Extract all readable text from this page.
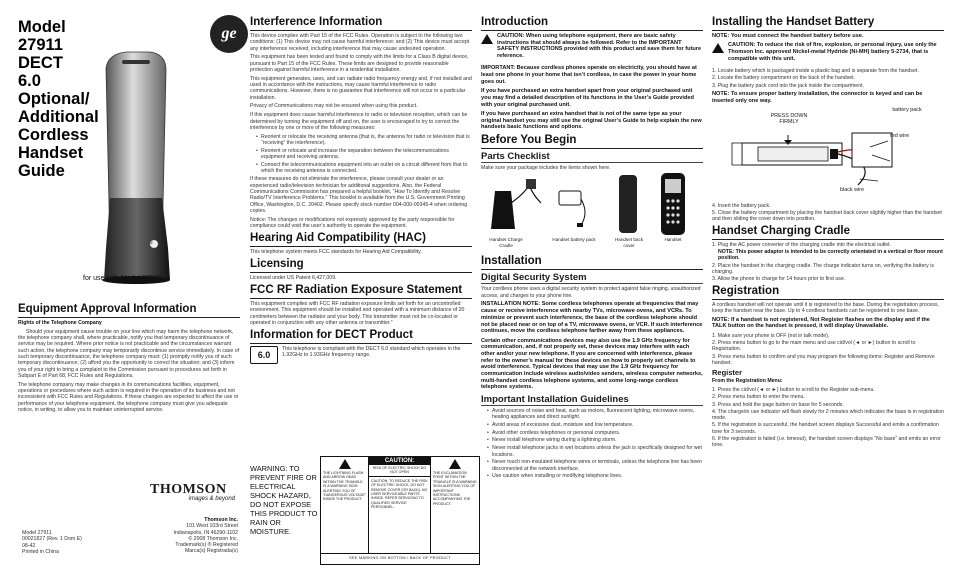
Model 27911 DECT 6.0 Optional/ Additional Cordless Handset Guide
ge
GE
for use with Model 27909
Equipment Approval Information
Rights of the Telephone Company
Should your equipment cause trouble on your line which may harm the telephone network, the telephone company shall, where practicable, notify you that temporary discontinuance of service may be required. Where prior notice is not practicable and the circumstances warrant such action, the telephone company may temporarily discontinue service immediately. In case of such temporary discontinuance, the telephone company must: (1) promptly notify you of such temporary discontinuance; (2) afford you the opportunity to correct the situation; and (3) inform you of your right to bring a complaint to the Commission pursuant to procedures set forth in Subpart E of Part 68, FCC Rules and Regulations.
The telephone company may make changes in its communications facilities, equipment, operations or procedures where such action is required in the operation of its business and not inconsistent with FCC Rules and Regulations. If these changes are expected to affect the use or performance of your telephone equipment, the telephone company must give you adequate notice, in writing, to allow you to maintain uninterrupted service.
Model 27911
00021827 (Rev. 1 Dom E)
08-42
Printed in China
THOMSON
images & beyond
Thomson Inc.
101 West 103rd Street
Indianapolis, IN 46290-1102
© 2008 Thomson Inc.
Trademark(s) ® Registered
Marca(s) Registrada(s)
Interference Information
This device complies with Part 15 of the FCC Rules. Operation is subject to the following two conditions: (1) This device may not cause harmful interference; and (2) This device must accept any interference received, including interference that may cause undesired operation.
This equipment has been tested and found to comply with the limits for a Class B digital device, pursuant to Part 15 of the FCC Rules. These limits are designed to provide reasonable protection against harmful interference in a residential installation.
This equipment generates, uses, and can radiate radio frequency energy and, if not installed and used in accordance with the instructions, may cause harmful interference to radio communications. However, there is no guarantee that interference will not occur in a particular installation.
Privacy of Communications may not be ensured when using this product.
If this equipment does cause harmful interference to radio or television reception, which can be determined by turning the equipment off and on, the user is encouraged to try to correct the interference by one or more of the following measures:
• Reorient or relocate the receiving antenna (that is, the antenna for radio or television that is “receiving” the interference).
• Reorient or relocate and increase the separation between the telecommunications equipment and receiving antenna.
• Connect the telecommunications equipment into an outlet on a circuit different from that to which the receiving antenna is connected.
If these measures do not eliminate the interference, please consult your dealer or an experienced radio/television technician for additional suggestions. Also, the Federal Communications Commission has prepared a helpful booklet, “How To Identify and Resolve Radio/TV Interference Problems.” This booklet is available from the U.S. Government Printing Office, Washington, D.C. 20402. Please specify stock number 004-000-00345-4 when ordering copies.
Notice: The changes or modifications not expressly approved by the party responsible for compliance could void the user’s authority to operate the equipment.
Hearing Aid Compatibility (HAC)
This telephone system meets FCC standards for Hearing Aid Compatibility.
Licensing
Licensed under US Patent 6,427,009.
FCC RF Radiation Exposure Statement
This equipment complies with FCC RF radiation exposure limits set forth for an uncontrolled environment. This equipment should be installed and operated with a minimum distance of 20 centimeters between the radiator and your body. This transmitter must not be co-located or operated in conjunction with any other antenna or transmitter.”
Information for DECT Product
6.0
This telephone is compliant with the DECT 6.0 standard which operates in the 1.92GHz to 1.93GHz frequency range.
WARNING: TO PREVENT FIRE OR ELECTRICAL SHOCK HAZARD, DO NOT EXPOSE THIS PRODUCT TO RAIN OR MOISTURE.
THE LIGHTNING FLASH AND ARROW HEAD WITHIN THE TRIANGLE IS A WARNING SIGN ALERTING YOU OF “DANGEROUS VOLTAGE” INSIDE THE PRODUCT.
CAUTION:
RISK OF ELECTRIC SHOCK DO NOT OPEN
CAUTION: TO REDUCE THE RISK OF ELECTRIC SHOCK, DO NOT REMOVE COVER (OR BACK). NO USER SERVICEABLE PARTS INSIDE. REFER SERVICING TO QUALIFIED SERVICE PERSONNEL.
THE EXCLAMATION POINT WITHIN THE TRIANGLE IS A WARNING SIGN ALERTING YOU OF IMPORTANT INSTRUCTIONS ACCOMPANYING THE PRODUCT.
SEE MARKING ON BOTTOM / BACK OF PRODUCT
Introduction
CAUTION: When using telephone equipment, there are basic safety instructions that should always be followed. Refer to the IMPORTANT SAFETY INSTRUCTIONS provided with this product and save them for future reference.
IMPORTANT: Because cordless phones operate on electricity, you should have at least one phone in your home that isn’t cordless, in case the power in your home goes out.
If you have purchased an extra handset apart from your original purchased unit you may find a detailed description of its functions in the User’s Guide provided with your original purchased unit.
If you have purchased an extra handset that is not of the same type as your original handset you may still use the original User’s Guide to help explain the new handsets basic functions and options.
Before You Begin
Parts Checklist
Make sure your package includes the items shown here.
Handset Charge Cradle
Handset battery pack	Handset back cover
Handset
Installation
Digital Security System
Your cordless phone uses a digital security system to protect against false ringing, unauthorized access, and charges to your phone line.
INSTALLATION NOTE: Some cordless telephones operate at frequencies that may cause or receive interference with nearby TVs, microwave ovens, and VCRs. To minimize or prevent such interference, the base of the cordless telephone should not be placed near or on top of a TV, microwave ovens, or VCR. If such interference continues, move the cordless telephone farther away from these appliances.
Certain other communications devices may also use the 1.9 GHz frequency for communication, and, if not properly set, these devices may interfere with each other and/or your new telephone. If you are concerned with interference, please refer to the owner’s manual for these devices on how to properly set channels to avoid interference. Typical devices that may use the 1.9 GHz frequency for communication include wireless audio/video senders, wireless computer networks, multi-handset cordless telephone systems, and some long-range cordless telephone systems.
Important Installation Guidelines
• Avoid sources of noise and heat, such as motors, fluorescent lighting, microwave ovens, heating appliances and direct sunlight.
• Avoid areas of excessive dust, moisture and low temperature.
• Avoid other cordless telephones or personal computers.
• Never install telephone wiring during a lightning storm.
• Never install telephone jacks in wet locations unless the jack is specifically designed for wet locations.
• Never touch non-insulated telephone wires or terminals, unless the telephone line has been disconnected at the network interface.
• Use caution when installing or modifying telephone lines.
Installing the Handset Battery
NOTE: You must connect the handset battery before use.
CAUTION: To reduce the risk of fire, explosion, or personal injury, use only the Thomson Inc. approved Nickel-metal Hydride (Ni-MH) battery 5-2734, that is compatible with this unit.
1. Locate battery which is packaged inside a plastic bag and is separate from the handset.
2. Locate the battery compartment on the back of the handset.
3. Plug the battery pack cord into the jack inside the compartment.
NOTE: To ensure proper battery installation, the connector is keyed and can be inserted only one way.
PRESS DOWN FIRMLY
battery pack
red wire
black wire
4. Insert the battery pack.
5. Close the battery compartment by placing the handset back cover slightly higher than the handset and then sliding the cover down into position.
Handset Charging Cradle
1. Plug the AC power converter of the charging cradle into the electrical outlet.
NOTE: This power adaptor is intended to be correctly orientated in a vertical or floor mount position.
2. Place the handset in the charging cradle. The charge indicator turns on, verifying the battery is charging.
3. Allow the phone to charge for 14 hours prior to first use.
Registration
A cordless handset will not operate until it is registered to the base. During the registration process, keep the handset near the base. Up to 4 cordless handsets can be registered to one base.
NOTE: If a handset is not registered, Not Register flashes on the display and if the TALK button on the handset is pressed, it will display Unavailable.
1. Make sure your phone is OFF (not in talk mode).
2. Press menu button to go to the main menu and use cid/vol (◄ or ►) button to scroll to Registration.
3. Press menu button to confirm and you may program the following items: Register and Remove handset.
Register
From the Registration Menu:
1. Press the cid/vol (◄ or ►) button to scroll to the Register sub-menu.
2. Press menu button to enter the menu.
3. Press and hold the page button on base for 5 seconds.
4. The charge/in use indicator will flash slowly for 2 minutes which indicates the base is in registration mode.
5. If the registration is successful, the handset screen displays Successful and emits a confirmation tone for 3 seconds.
6. If the registration is failed (i.e. timeout), the handset screen displays “No base” and emits an error tone.
